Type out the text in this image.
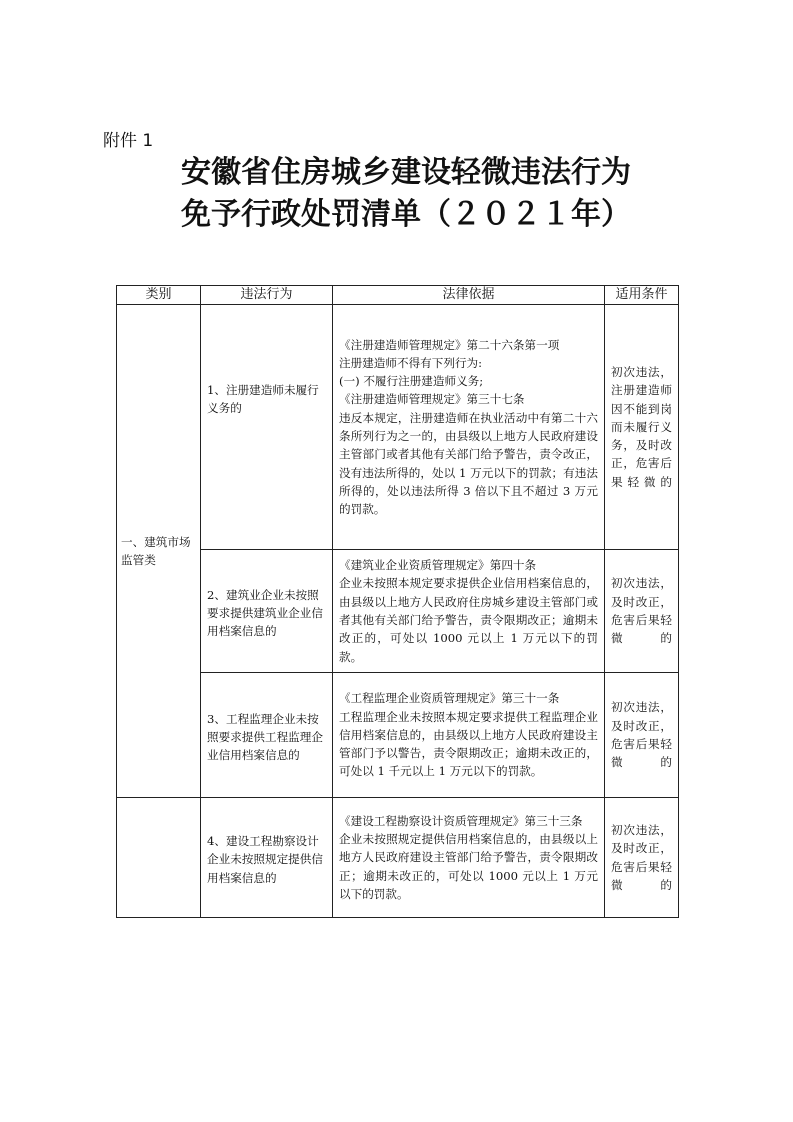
附件 1
安徽省住房城乡建设轻微违法行为
免予行政处罚清单（２０２１年）
类别	违法行为	法律依据	适用条件
一、建筑市场监管类	1、注册建造师未履行义务的	《注册建造师管理规定》第二十六条第一项

注册建造师不得有下列行为:

(一) 不履行注册建造师义务;

《注册建造师管理规定》第三十七条

违反本规定，注册建造师在执业活动中有第二十六条所列行为之一的，由县级以上地方人民政府建设主管部门或者其他有关部门给予警告，责令改正，没有违法所得的，处以 1 万元以下的罚款；有违法所得的，处以违法所得 3 倍以下且不超过 3 万元的罚款。	初次违法，注册建造师因不能到岗而未履行义务，及时改正，危害后果轻微的
	2、建筑业企业未按照要求提供建筑业企业信用档案信息的	《建筑业企业资质管理规定》第四十条

企业未按照本规定要求提供企业信用档案信息的，由县级以上地方人民政府住房城乡建设主管部门或者其他有关部门给予警告，责令限期改正；逾期未改正的，可处以 1000 元以上 1 万元以下的罚款。	初次违法，及时改正，危害后果轻微的
	3、工程监理企业未按照要求提供工程监理企业信用档案信息的	《工程监理企业资质管理规定》第三十一条

工程监理企业未按照本规定要求提供工程监理企业信用档案信息的，由县级以上地方人民政府建设主管部门予以警告，责令限期改正；逾期未改正的，可处以 1 千元以上 1 万元以下的罚款。	初次违法，及时改正，危害后果轻微的
	4、建设工程勘察设计企业未按照规定提供信用档案信息的	《建设工程勘察设计资质管理规定》第三十三条

企业未按照规定提供信用档案信息的，由县级以上地方人民政府建设主管部门给予警告，责令限期改正；逾期未改正的，可处以 1000 元以上 1 万元以下的罚款。	初次违法，及时改正，危害后果轻微的
